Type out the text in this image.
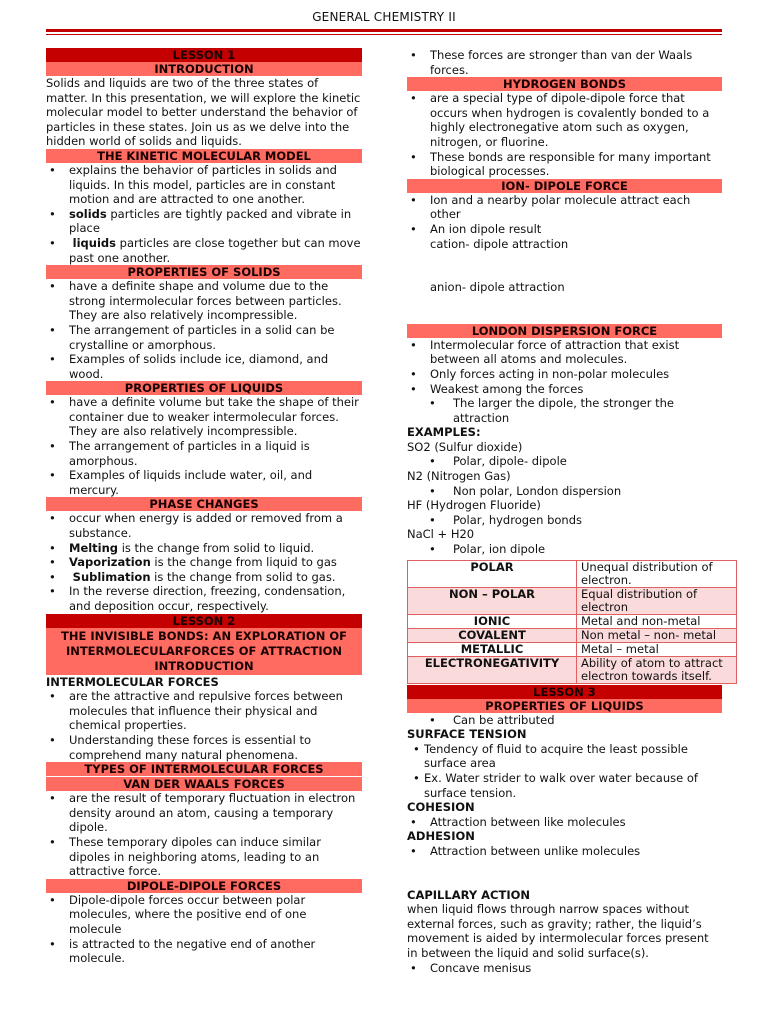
GENERAL CHEMISTRY II
LESSON 1
INTRODUCTION

Solids and liquids are two of the three states of matter. In this presentation, we will explore the kinetic molecular model to better understand the behavior of particles in these states. Join us as we delve into the hidden world of solids and liquids.

THE KINETIC MOLECULAR MODEL
• explains the behavior of particles in solids and liquids. In this model, particles are in constant motion and are attracted to one another.
• solids particles are tightly packed and vibrate in place
• liquids particles are close together but can move past one another.
PROPERTIES OF SOLIDS
• have a definite shape and volume due to the strong intermolecular forces between particles. They are also relatively incompressible.
• The arrangement of particles in a solid can be crystalline or amorphous.
• Examples of solids include ice, diamond, and wood.
PROPERTIES OF LIQUIDS
• have a definite volume but take the shape of their container due to weaker intermolecular forces. They are also relatively incompressible.
• The arrangement of particles in a liquid is amorphous.
• Examples of liquids include water, oil, and mercury.
PHASE CHANGES
• occur when energy is added or removed from a substance.
• Melting is the change from solid to liquid.
• Vaporization is the change from liquid to gas
• Sublimation is the change from solid to gas.
• In the reverse direction, freezing, condensation, and deposition occur, respectively.
LESSON 2
THE INVISIBLE BONDS: AN EXPLORATION OF INTERMOLECULARFORCES OF ATTRACTION INTRODUCTION

INTERMOLECULAR FORCES

• are the attractive and repulsive forces between molecules that influence their physical and chemical properties.
• Understanding these forces is essential to comprehend many natural phenomena.
TYPES OF INTERMOLECULAR FORCES
VAN DER WAALS FORCES
• are the result of temporary fluctuation in electron density around an atom, causing a temporary dipole.
• These temporary dipoles can induce similar dipoles in neighboring atoms, leading to an attractive force.
DIPOLE-DIPOLE FORCES
• Dipole-dipole forces occur between polar molecules, where the positive end of one molecule
• is attracted to the negative end of another molecule.
• These forces are stronger than van der Waals forces.
HYDROGEN BONDS
• are a special type of dipole-dipole force that occurs when hydrogen is covalently bonded to a highly electronegative atom such as oxygen, nitrogen, or fluorine.
• These bonds are responsible for many important biological processes.
ION- DIPOLE FORCE
• Ion and a nearby polar molecule attract each other
• An ion dipole result
cation- dipole attraction

anion- dipole attraction

LONDON DISPERSION FORCE
• Intermolecular force of attraction that exist between all atoms and molecules.
• Only forces acting in non-polar molecules
• Weakest among the forces
• The larger the dipole, the stronger the attraction

EXAMPLES:

SO2 (Sulfur dioxide)

• Polar, dipole- dipole

N2 (Nitrogen Gas)

• Non polar, London dispersion

HF (Hydrogen Fluoride)

• Polar, hydrogen bonds

NaCl + H20

• Polar, ion dipole
POLAR	Unequal distribution of electron.
NON – POLAR	Equal distribution of electron
IONIC	Metal and non-metal
COVALENT	Non metal – non- metal
METALLIC	Metal – metal
ELECTRONEGATIVITY	Ability of atom to attract electron towards itself.
LESSON 3
PROPERTIES OF LIQUIDS
• Can be attributed

SURFACE TENSION

• Tendency of fluid to acquire the least possible surface area
• Ex. Water strider to walk over water because of surface tension.

COHESION

• Attraction between like molecules

ADHESION

• Attraction between unlike molecules

CAPILLARY ACTION

when liquid flows through narrow spaces without external forces, such as gravity; rather, the liquid’s movement is aided by intermolecular forces present in between the liquid and solid surface(s).

• Concave menisus
